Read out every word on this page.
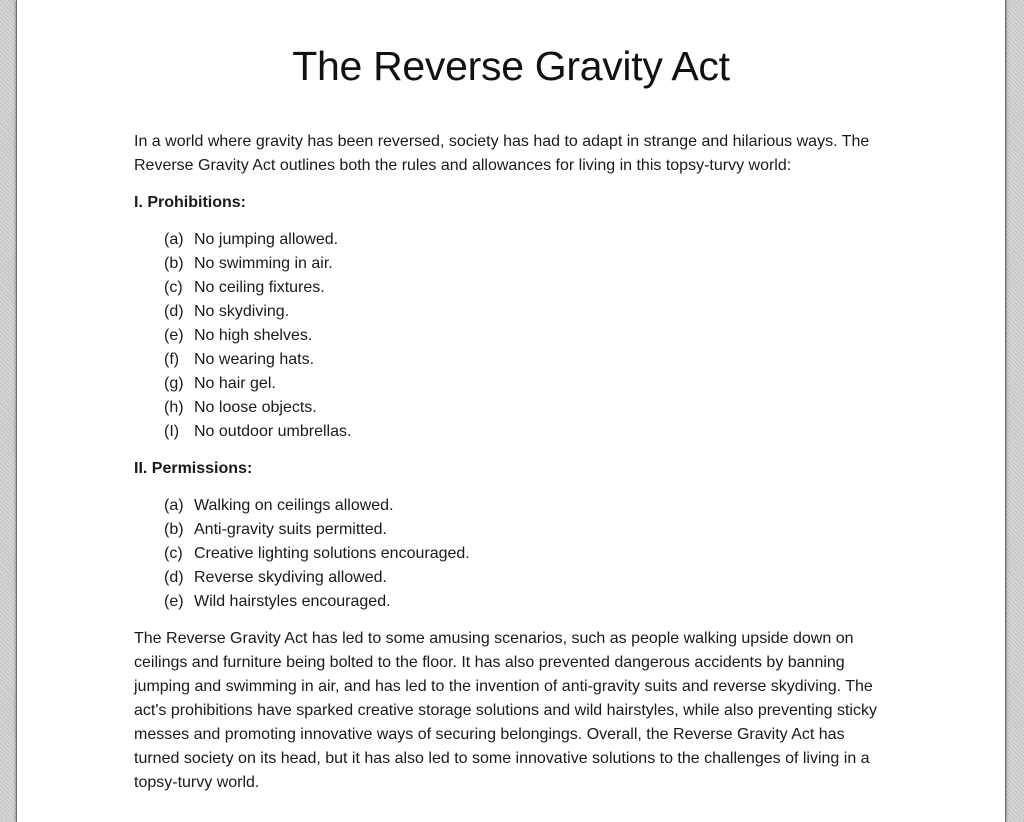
The Reverse Gravity Act

In a world where gravity has been reversed, society has had to adapt in strange and hilarious ways. The Reverse Gravity Act outlines both the rules and allowances for living in this topsy-turvy world:

I. Prohibitions:

(a) No jumping allowed.
(b) No swimming in air.
(c) No ceiling fixtures.
(d) No skydiving.
(e) No high shelves.
(f) No wearing hats.
(g) No hair gel.
(h) No loose objects.
(I) No outdoor umbrellas.

II. Permissions:

(a) Walking on ceilings allowed.
(b) Anti-gravity suits permitted.
(c) Creative lighting solutions encouraged.
(d) Reverse skydiving allowed.
(e) Wild hairstyles encouraged.

The Reverse Gravity Act has led to some amusing scenarios, such as people walking upside down on ceilings and furniture being bolted to the floor. It has also prevented dangerous accidents by banning jumping and swimming in air, and has led to the invention of anti-gravity suits and reverse skydiving. The act's prohibitions have sparked creative storage solutions and wild hairstyles, while also preventing sticky messes and promoting innovative ways of securing belongings. Overall, the Reverse Gravity Act has turned society on its head, but it has also led to some innovative solutions to the challenges of living in a topsy-turvy world.
